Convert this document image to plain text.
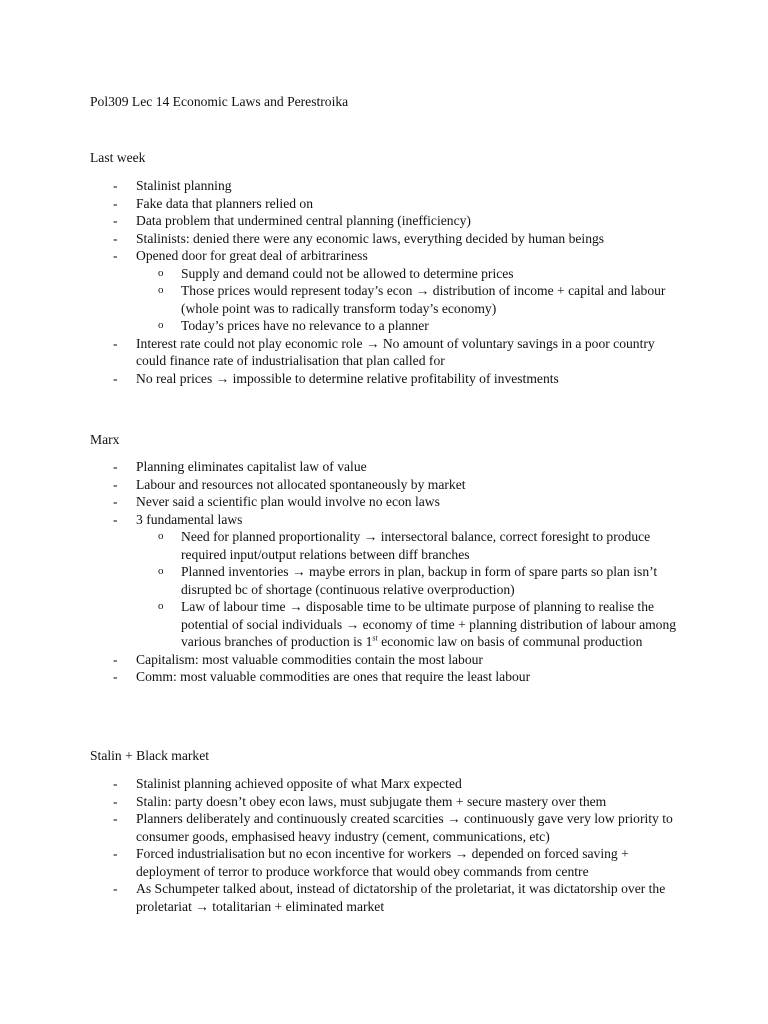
Pol309 Lec 14 Economic Laws and Perestroika
Last week
- Stalinist planning
- Fake data that planners relied on
- Data problem that undermined central planning (inefficiency)
- Stalinists: denied there were any economic laws, everything decided by human beings
- Opened door for great deal of arbitrariness
o Supply and demand could not be allowed to determine prices
o Those prices would represent today’s econ → distribution of income + capital and labour (whole point was to radically transform today’s economy)
o Today’s prices have no relevance to a planner
- Interest rate could not play economic role → No amount of voluntary savings in a poor country could finance rate of industrialisation that plan called for
- No real prices → impossible to determine relative profitability of investments
Marx
- Planning eliminates capitalist law of value
- Labour and resources not allocated spontaneously by market
- Never said a scientific plan would involve no econ laws
- 3 fundamental laws
o Need for planned proportionality → intersectoral balance, correct foresight to produce required input/output relations between diff branches
o Planned inventories → maybe errors in plan, backup in form of spare parts so plan isn’t disrupted bc of shortage (continuous relative overproduction)
o Law of labour time → disposable time to be ultimate purpose of planning to realise the potential of social individuals → economy of time + planning distribution of labour among various branches of production is 1st economic law on basis of communal production
- Capitalism: most valuable commodities contain the most labour
- Comm: most valuable commodities are ones that require the least labour
Stalin + Black market
- Stalinist planning achieved opposite of what Marx expected
- Stalin: party doesn’t obey econ laws, must subjugate them + secure mastery over them
- Planners deliberately and continuously created scarcities → continuously gave very low priority to consumer goods, emphasised heavy industry (cement, communications, etc)
- Forced industrialisation but no econ incentive for workers → depended on forced saving + deployment of terror to produce workforce that would obey commands from centre
- As Schumpeter talked about, instead of dictatorship of the proletariat, it was dictatorship over the proletariat → totalitarian + eliminated market
